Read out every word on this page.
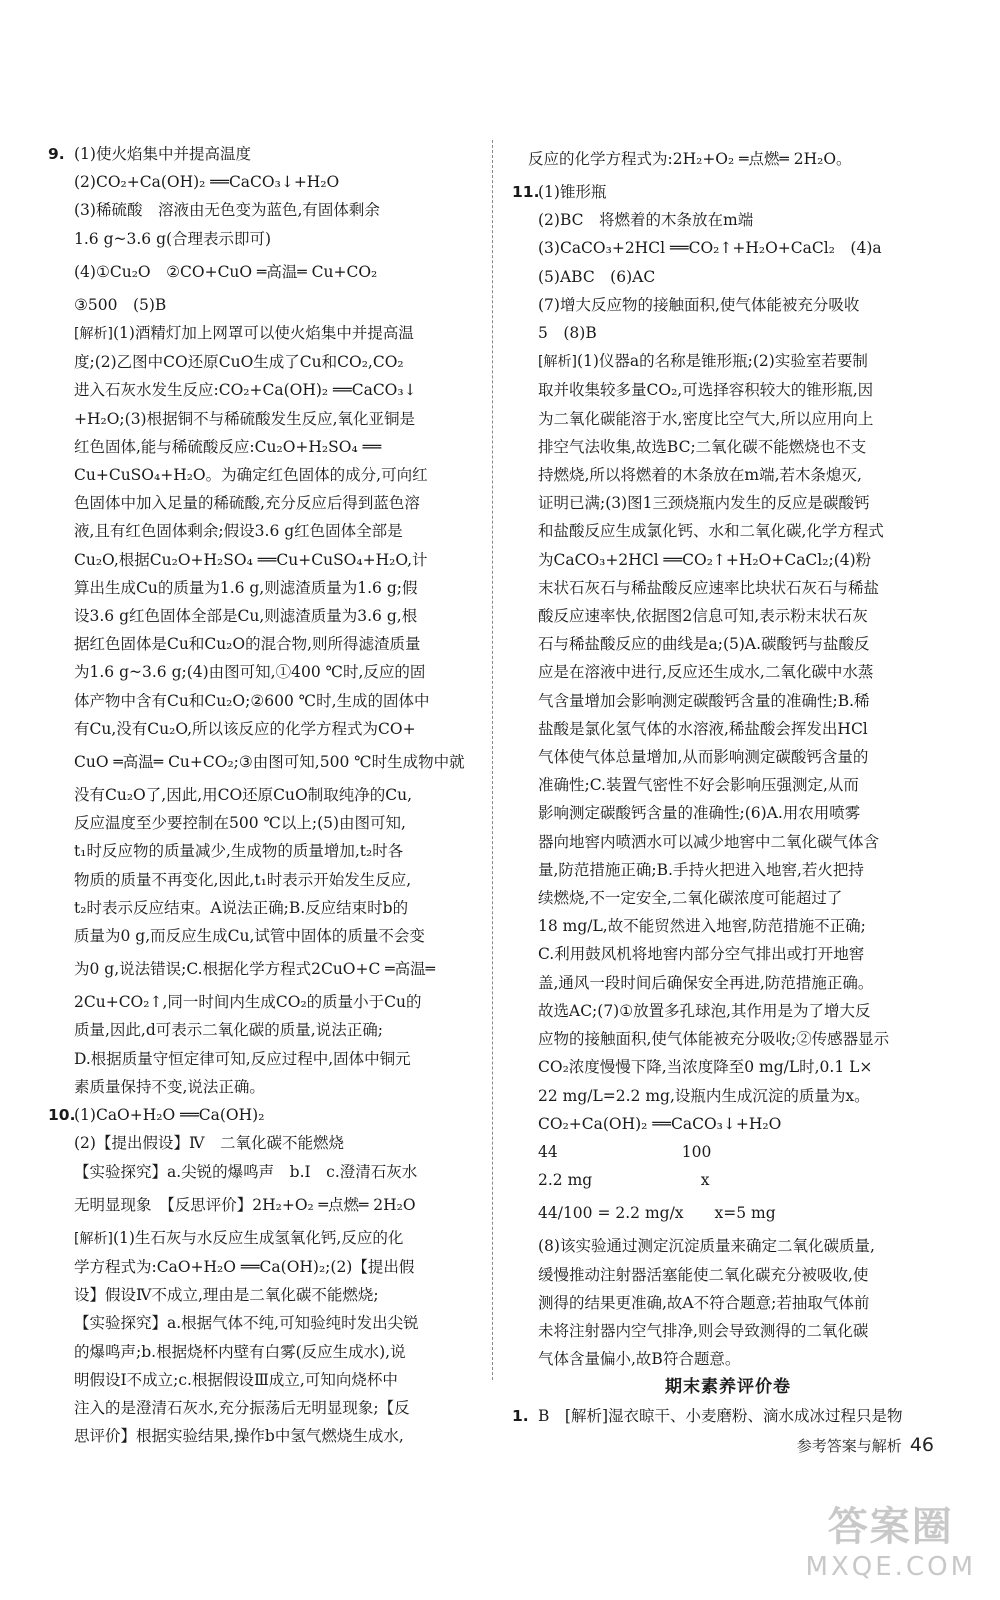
9. (1)使火焰集中并提高温度
(2)CO₂+Ca(OH)₂ ══CaCO₃↓+H₂O
(3)稀硫酸　溶液由无色变为蓝色,有固体剩余
1.6 g~3.6 g(合理表示即可)
(4)①Cu₂O　②CO+CuO ═高温═ Cu+CO₂
③500　(5)B
[解析](1)酒精灯加上网罩可以使火焰集中并提高温
度;(2)乙图中CO还原CuO生成了Cu和CO₂,CO₂
进入石灰水发生反应:CO₂+Ca(OH)₂ ══CaCO₃↓
+H₂O;(3)根据铜不与稀硫酸发生反应,氧化亚铜是
红色固体,能与稀硫酸反应:Cu₂O+H₂SO₄ ══
Cu+CuSO₄+H₂O。为确定红色固体的成分,可向红
色固体中加入足量的稀硫酸,充分反应后得到蓝色溶
液,且有红色固体剩余;假设3.6 g红色固体全部是
Cu₂O,根据Cu₂O+H₂SO₄ ══Cu+CuSO₄+H₂O,计
算出生成Cu的质量为1.6 g,则滤渣质量为1.6 g;假
设3.6 g红色固体全部是Cu,则滤渣质量为3.6 g,根
据红色固体是Cu和Cu₂O的混合物,则所得滤渣质量
为1.6 g~3.6 g;(4)由图可知,①400 ℃时,反应的固
体产物中含有Cu和Cu₂O;②600 ℃时,生成的固体中
有Cu,没有Cu₂O,所以该反应的化学方程式为CO+
CuO ═高温═ Cu+CO₂;③由图可知,500 ℃时生成物中就
没有Cu₂O了,因此,用CO还原CuO制取纯净的Cu,
反应温度至少要控制在500 ℃以上;(5)由图可知,
t₁时反应物的质量减少,生成物的质量增加,t₂时各
物质的质量不再变化,因此,t₁时表示开始发生反应,
t₂时表示反应结束。A说法正确;B.反应结束时b的
质量为0 g,而反应生成Cu,试管中固体的质量不会变
为0 g,说法错误;C.根据化学方程式2CuO+C ═高温═
2Cu+CO₂↑,同一时间内生成CO₂的质量小于Cu的
质量,因此,d可表示二氧化碳的质量,说法正确;
D.根据质量守恒定律可知,反应过程中,固体中铜元
素质量保持不变,说法正确。
10.(1)CaO+H₂O ══Ca(OH)₂
(2)【提出假设】Ⅳ　二氧化碳不能燃烧
【实验探究】a.尖锐的爆鸣声　b.Ⅰ　c.澄清石灰水
无明显现象　【反思评价】2H₂+O₂ ═点燃═ 2H₂O
[解析](1)生石灰与水反应生成氢氧化钙,反应的化
学方程式为:CaO+H₂O ══Ca(OH)₂;(2)【提出假
设】假设Ⅳ不成立,理由是二氧化碳不能燃烧;
【实验探究】a.根据气体不纯,可知验纯时发出尖锐
的爆鸣声;b.根据烧杯内壁有白雾(反应生成水),说
明假设Ⅰ不成立;c.根据假设Ⅲ成立,可知向烧杯中
注入的是澄清石灰水,充分振荡后无明显现象;【反
思评价】根据实验结果,操作b中氢气燃烧生成水,
反应的化学方程式为:2H₂+O₂ ═点燃═ 2H₂O。
11.(1)锥形瓶
(2)BC　将燃着的木条放在m端
(3)CaCO₃+2HCl ══CO₂↑+H₂O+CaCl₂　(4)a
(5)ABC　(6)AC
(7)增大反应物的接触面积,使气体能被充分吸收
5　(8)B
[解析](1)仪器a的名称是锥形瓶;(2)实验室若要制
取并收集较多量CO₂,可选择容积较大的锥形瓶,因
为二氧化碳能溶于水,密度比空气大,所以应用向上
排空气法收集,故选BC;二氧化碳不能燃烧也不支
持燃烧,所以将燃着的木条放在m端,若木条熄灭,
证明已满;(3)图1三颈烧瓶内发生的反应是碳酸钙
和盐酸反应生成氯化钙、水和二氧化碳,化学方程式
为CaCO₃+2HCl ══CO₂↑+H₂O+CaCl₂;(4)粉
末状石灰石与稀盐酸反应速率比块状石灰石与稀盐
酸反应速率快,依据图2信息可知,表示粉末状石灰
石与稀盐酸反应的曲线是a;(5)A.碳酸钙与盐酸反
应是在溶液中进行,反应还生成水,二氧化碳中水蒸
气含量增加会影响测定碳酸钙含量的准确性;B.稀
盐酸是氯化氢气体的水溶液,稀盐酸会挥发出HCl
气体使气体总量增加,从而影响测定碳酸钙含量的
准确性;C.装置气密性不好会影响压强测定,从而
影响测定碳酸钙含量的准确性;(6)A.用农用喷雾
器向地窖内喷洒水可以减少地窖中二氧化碳气体含
量,防范措施正确;B.手持火把进入地窖,若火把持
续燃烧,不一定安全,二氧化碳浓度可能超过了
18 mg/L,故不能贸然进入地窖,防范措施不正确;
C.利用鼓风机将地窖内部分空气排出或打开地窖
盖,通风一段时间后确保安全再进,防范措施正确。
故选AC;(7)①放置多孔球泡,其作用是为了增大反
应物的接触面积,使气体能被充分吸收;②传感器显示
CO₂浓度慢慢下降,当浓度降至0 mg/L时,0.1 L×
22 mg/L=2.2 mg,设瓶内生成沉淀的质量为x。
CO₂+Ca(OH)₂ ══CaCO₃↓+H₂O
44　　　　　　　　100
2.2 mg　　　　　　　x
44/100 = 2.2 mg/x　　x=5 mg
(8)该实验通过测定沉淀质量来确定二氧化碳质量,
缓慢推动注射器活塞能使二氧化碳充分被吸收,使
测得的结果更准确,故A不符合题意;若抽取气体前
未将注射器内空气排净,则会导致测得的二氧化碳
气体含量偏小,故B符合题意。
期末素养评价卷
1. B　[解析]湿衣晾干、小麦磨粉、滴水成冰过程只是物
参考答案与解析 46
答案圈
MXQE.COM
